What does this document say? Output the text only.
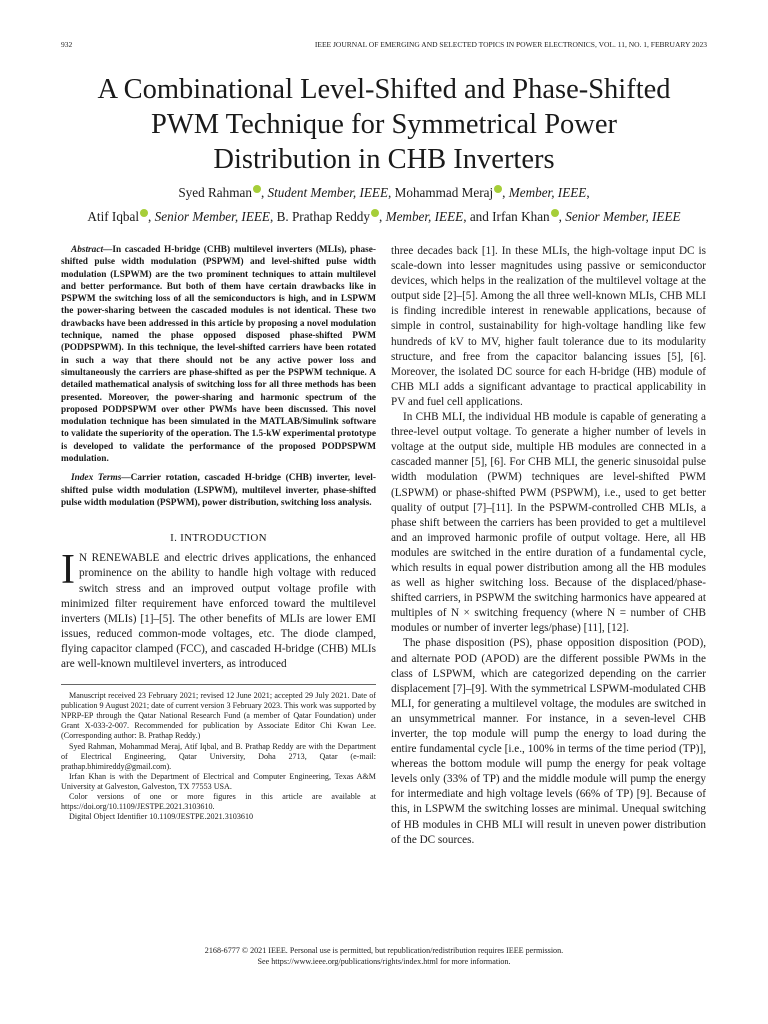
932	IEEE JOURNAL OF EMERGING AND SELECTED TOPICS IN POWER ELECTRONICS, VOL. 11, NO. 1, FEBRUARY 2023
A Combinational Level-Shifted and Phase-Shifted
PWM Technique for Symmetrical Power
Distribution in CHB Inverters
Syed Rahman , Student Member, IEEE, Mohammad Meraj , Member, IEEE,
Atif Iqbal , Senior Member, IEEE, B. Prathap Reddy , Member, IEEE, and Irfan Khan , Senior Member, IEEE

Abstract—In cascaded H-bridge (CHB) multilevel inverters (MLIs), phase-shifted pulse width modulation (PSPWM) and level-shifted pulse width modulation (LSPWM) are the two prominent techniques to attain multilevel and better performance. But both of them have certain drawbacks like in PSPWM the switching loss of all the semiconductors is high, and in LSPWM the power-sharing between the cascaded modules is not identical. These two drawbacks have been addressed in this article by proposing a novel modulation technique, named the phase opposed disposed phase-shifted PWM (PODPSPWM). In this technique, the level-shifted carriers have been rotated in such a way that there should not be any active power loss and simultaneously the carriers are phase-shifted as per the PSPWM technique. A detailed mathematical analysis of switching loss for all three methods has been presented. Moreover, the power-sharing and harmonic spectrum of the proposed PODPSPWM over other PWMs have been discussed. This novel modulation technique has been simulated in the MATLAB/Simulink software to validate the superiority of the operation. The 1.5-kW experimental prototype is developed to validate the performance of the proposed PODPSPWM modulation.

Index Terms—Carrier rotation, cascaded H-bridge (CHB) inverter, level-shifted pulse width modulation (LSPWM), multilevel inverter, phase-shifted pulse width modulation (PSPWM), power distribution, switching loss analysis.

I. INTRODUCTION

I N RENEWABLE and electric drives applications, the enhanced prominence on the ability to handle high voltage with reduced switch stress and an improved output voltage profile with minimized filter requirement have enforced toward the multilevel inverters (MLIs) [1]–[5]. The other benefits of MLIs are lower EMI issues, reduced common-mode voltages, etc. The diode clamped, flying capacitor clamped (FCC), and cascaded H-bridge (CHB) MLIs are well-known multilevel inverters, as introduced

Manuscript received 23 February 2021; revised 12 June 2021; accepted 29 July 2021. Date of publication 9 August 2021; date of current version 3 February 2023. This work was supported by NPRP-EP through the Qatar National Research Fund (a member of Qatar Foundation) under Grant X-033-2-007. Recommended for publication by Associate Editor Chi Kwan Lee. (Corresponding author: B. Prathap Reddy.)

Syed Rahman, Mohammad Meraj, Atif Iqbal, and B. Prathap Reddy are with the Department of Electrical Engineering, Qatar University, Doha 2713, Qatar (e-mail: prathap.bhimireddy@gmail.com).

Irfan Khan is with the Department of Electrical and Computer Engineering, Texas A&M University at Galveston, Galveston, TX 77553 USA.

Color versions of one or more figures in this article are available at https://doi.org/10.1109/JESTPE.2021.3103610.

Digital Object Identifier 10.1109/JESTPE.2021.3103610

three decades back [1]. In these MLIs, the high-voltage input DC is scale-down into lesser magnitudes using passive or semiconductor devices, which helps in the realization of the multilevel voltage at the output side [2]–[5]. Among the all three well-known MLIs, CHB MLI is finding incredible interest in renewable applications, because of simple in control, sustainability for high-voltage handling like few hundreds of kV to MV, higher fault tolerance due to its modularity structure, and free from the capacitor balancing issues [5], [6]. Moreover, the isolated DC source for each H-bridge (HB) module of CHB MLI adds a significant advantage to practical applicability in PV and fuel cell applications.

In CHB MLI, the individual HB module is capable of generating a three-level output voltage. To generate a higher number of levels in voltage at the output side, multiple HB modules are connected in a cascaded manner [5], [6]. For CHB MLI, the generic sinusoidal pulse width modulation (PWM) techniques are level-shifted PWM (LSPWM) or phase-shifted PWM (PSPWM), i.e., used to get better quality of output [7]–[11]. In the PSPWM-controlled CHB MLIs, a phase shift between the carriers has been provided to get a multilevel and an improved harmonic profile of output voltage. Here, all HB modules are switched in the entire duration of a fundamental cycle, which results in equal power distribution among all the HB modules as well as higher switching loss. Because of the displaced/phase-shifted carriers, in PSPWM the switching harmonics have appeared at multiples of N × switching frequency (where N = number of CHB modules or number of inverter legs/phase) [11], [12].

The phase disposition (PS), phase opposition disposition (POD), and alternate POD (APOD) are the different possible PWMs in the class of LSPWM, which are categorized depending on the carrier displacement [7]–[9]. With the symmetrical LSPWM-modulated CHB MLI, for generating a multilevel voltage, the modules are switched in an unsymmetrical manner. For instance, in a seven-level CHB inverter, the top module will pump the energy to load during the entire fundamental cycle [i.e., 100% in terms of the time period (TP)], whereas the bottom module will pump the energy for peak voltage levels only (33% of TP) and the middle module will pump the energy for intermediate and high voltage levels (66% of TP) [9]. Because of this, in LSPWM the switching losses are minimal. Unequal switching of HB modules in CHB MLI will result in uneven power distribution of the DC sources.

2168-6777 © 2021 IEEE. Personal use is permitted, but republication/redistribution requires IEEE permission.
See https://www.ieee.org/publications/rights/index.html for more information.
